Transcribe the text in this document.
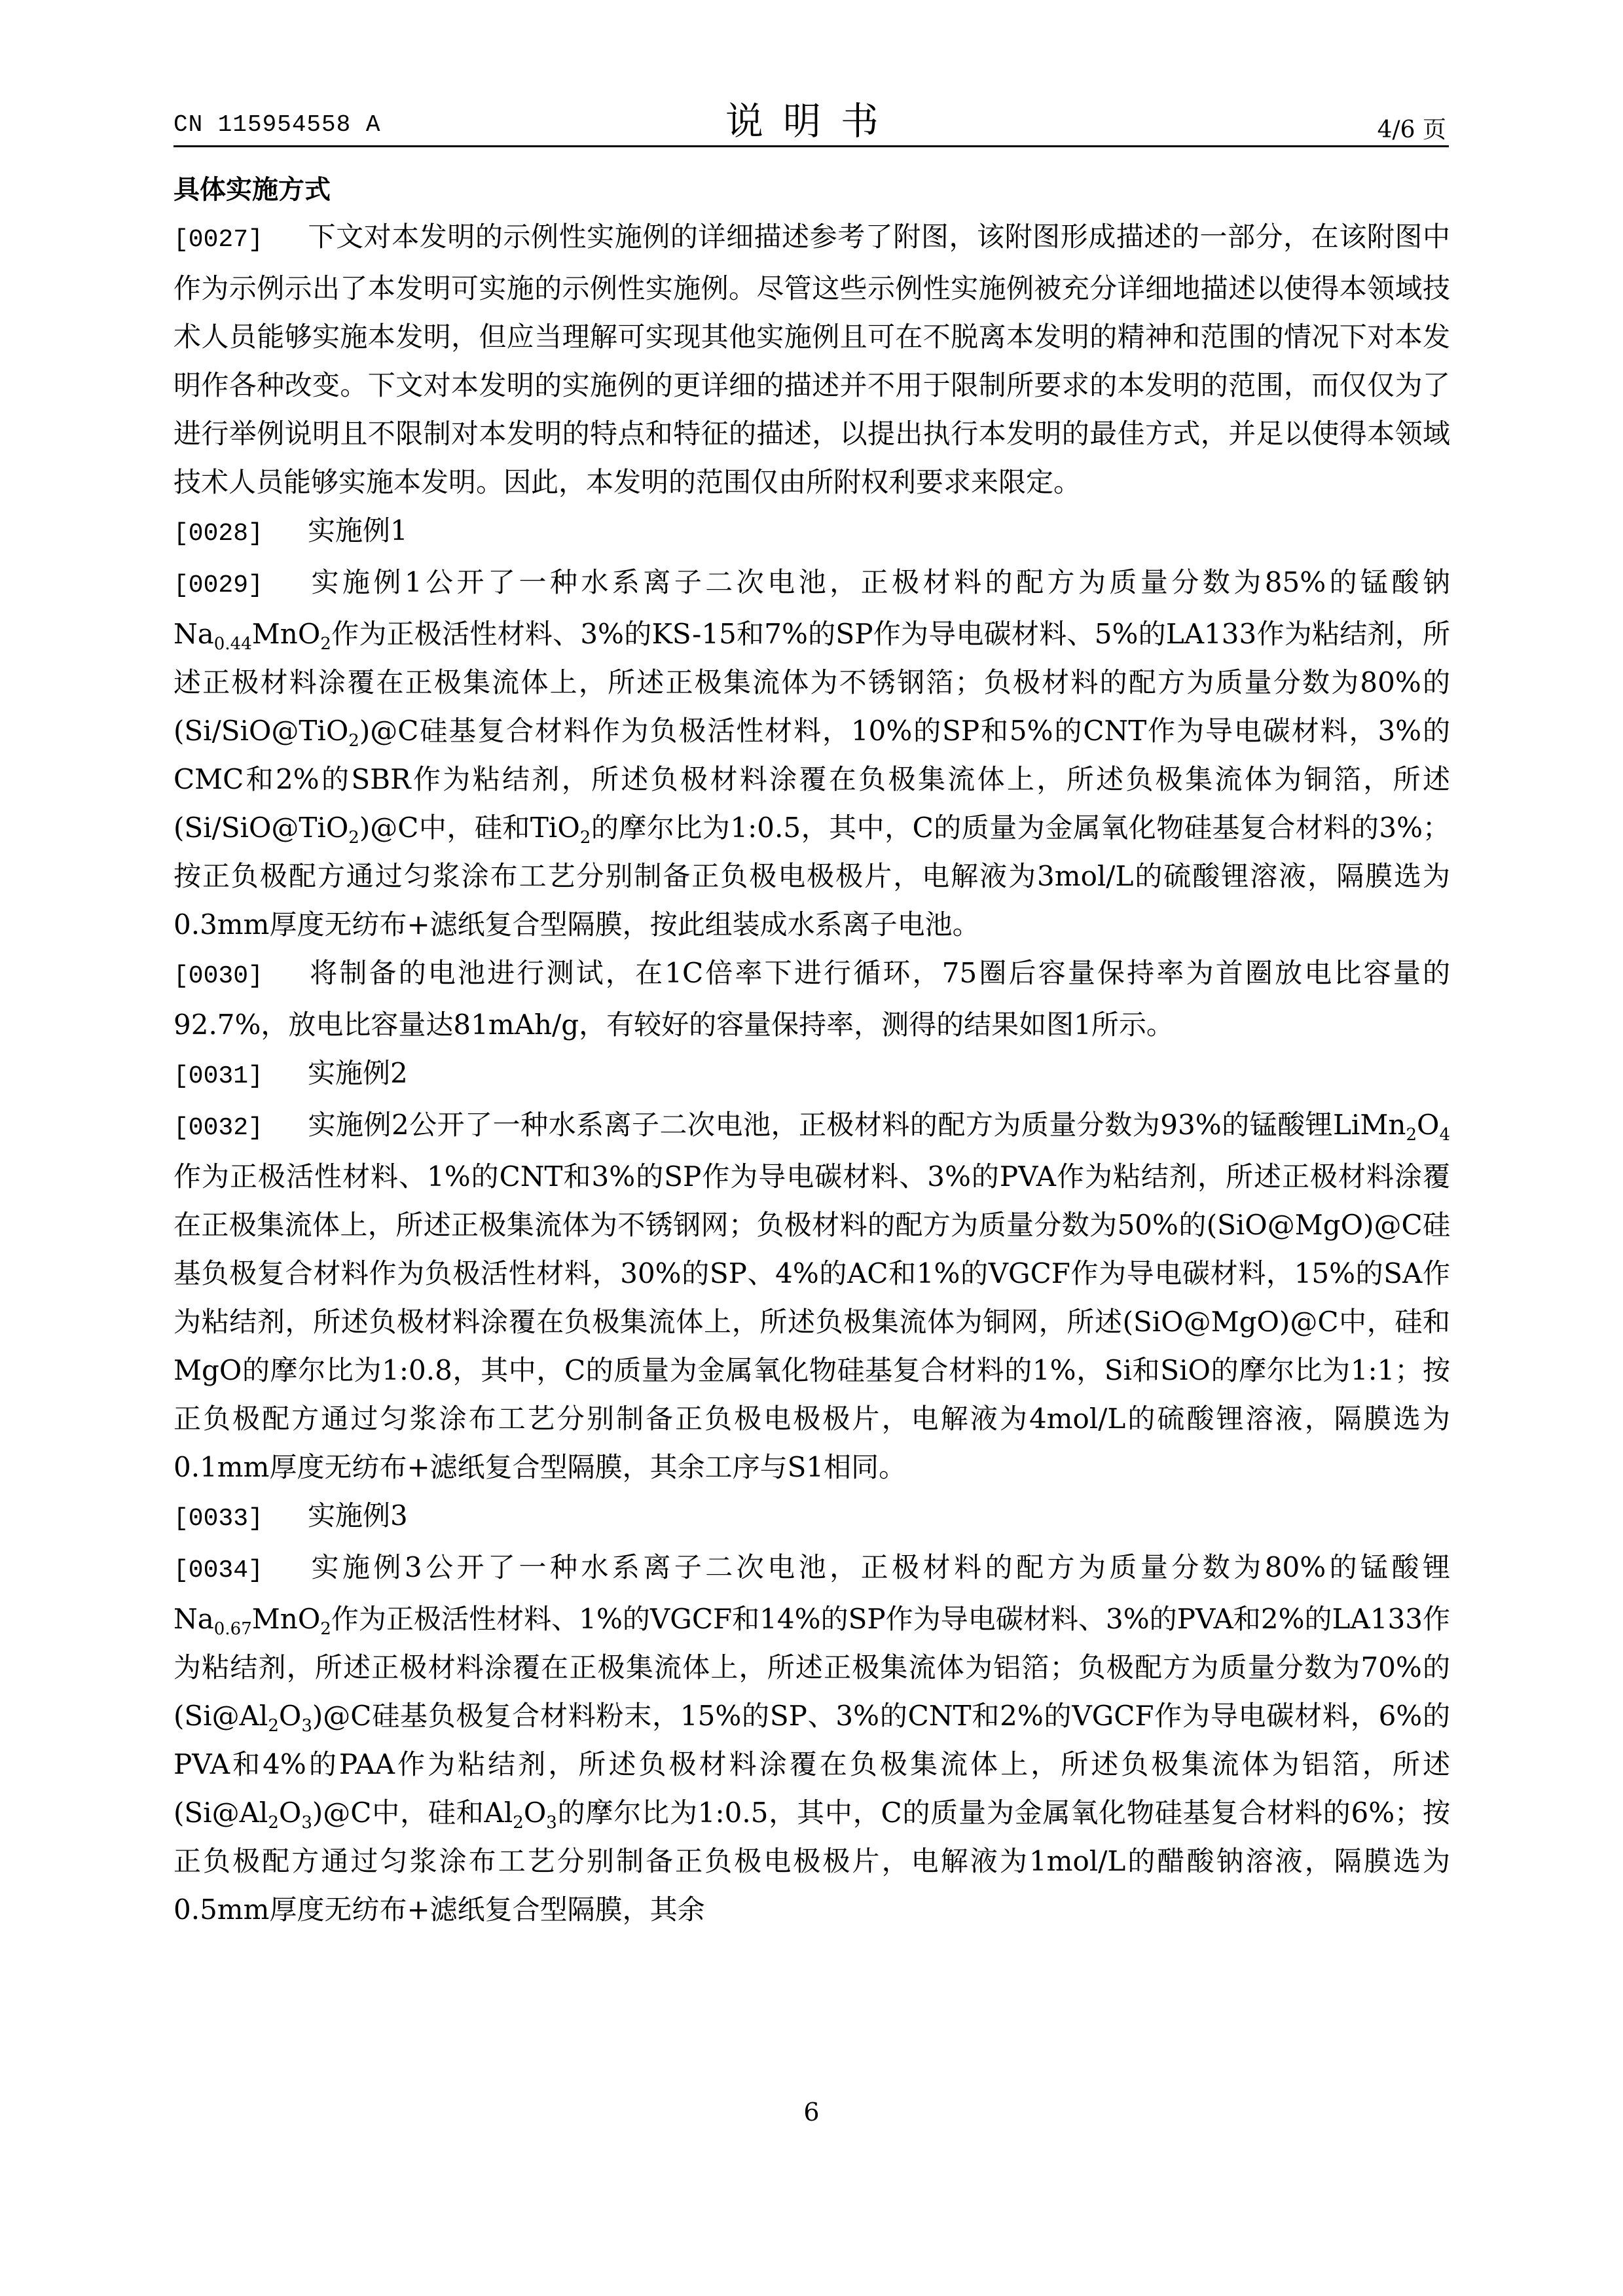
CN 115954558 A	说明书	4/6 页

具体实施方式

[0027] 下文对本发明的示例性实施例的详细描述参考了附图，该附图形成描述的一部分，在该附图中作为示例示出了本发明可实施的示例性实施例。尽管这些示例性实施例被充分详细地描述以使得本领域技术人员能够实施本发明，但应当理解可实现其他实施例且可在不脱离本发明的精神和范围的情况下对本发明作各种改变。下文对本发明的实施例的更详细的描述并不用于限制所要求的本发明的范围，而仅仅为了进行举例说明且不限制对本发明的特点和特征的描述，以提出执行本发明的最佳方式，并足以使得本领域技术人员能够实施本发明。因此，本发明的范围仅由所附权利要求来限定。

[0028] 实施例1

[0029] 实施例1公开了一种水系离子二次电池，正极材料的配方为质量分数为85%的锰酸钠$Na_{0.44}MnO_2$作为正极活性材料、3%的KS-15和7%的SP作为导电碳材料、5%的LA133作为粘结剂，所述正极材料涂覆在正极集流体上，所述正极集流体为不锈钢箔；负极材料的配方为质量分数为80%的(Si/SiO@TiO$_2$)@C硅基复合材料作为负极活性材料，10%的SP和5%的CNT作为导电碳材料，3%的CMC和2%的SBR作为粘结剂，所述负极材料涂覆在负极集流体上，所述负极集流体为铜箔，所述(Si/SiO@TiO$_2$)@C中，硅和TiO$_2$的摩尔比为1:0.5，其中，C的质量为金属氧化物硅基复合材料的3%；按正负极配方通过匀浆涂布工艺分别制备正负极电极极片，电解液为3mol/L的硫酸锂溶液，隔膜选为0.3mm厚度无纺布+滤纸复合型隔膜，按此组装成水系离子电池。

[0030] 将制备的电池进行测试，在1C倍率下进行循环，75圈后容量保持率为首圈放电比容量的92.7%，放电比容量达81mAh/g，有较好的容量保持率，测得的结果如图1所示。

[0031] 实施例2

[0032] 实施例2公开了一种水系离子二次电池，正极材料的配方为质量分数为93%的锰酸锂$LiMn_2O_4$作为正极活性材料、1%的CNT和3%的SP作为导电碳材料、3%的PVA作为粘结剂，所述正极材料涂覆在正极集流体上，所述正极集流体为不锈钢网；负极材料的配方为质量分数为50%的(SiO@MgO)@C硅基负极复合材料作为负极活性材料，30%的SP、4%的AC和1%的VGCF作为导电碳材料，15%的SA作为粘结剂，所述负极材料涂覆在负极集流体上，所述负极集流体为铜网，所述(SiO@MgO)@C中，硅和MgO的摩尔比为1:0.8，其中，C的质量为金属氧化物硅基复合材料的1%，Si和SiO的摩尔比为1:1；按正负极配方通过匀浆涂布工艺分别制备正负极电极极片，电解液为4mol/L的硫酸锂溶液，隔膜选为0.1mm厚度无纺布+滤纸复合型隔膜，其余工序与S1相同。

[0033] 实施例3

[0034] 实施例3公开了一种水系离子二次电池，正极材料的配方为质量分数为80%的锰酸锂$Na_{0.67}MnO_2$作为正极活性材料、1%的VGCF和14%的SP作为导电碳材料、3%的PVA和2%的LA133作为粘结剂，所述正极材料涂覆在正极集流体上，所述正极集流体为铝箔；负极配方为质量分数为70%的$(Si@Al_2O_3)@C$硅基负极复合材料粉末，15%的SP、3%的CNT和2%的VGCF作为导电碳材料，6%的PVA和4%的PAA作为粘结剂，所述负极材料涂覆在负极集流体上，所述负极集流体为铝箔，所述$(Si@Al_2O_3)@C$中，硅和$Al_2O_3$的摩尔比为1:0.5，其中，C的质量为金属氧化物硅基复合材料的6%；按正负极配方通过匀浆涂布工艺分别制备正负极电极极片，电解液为1mol/L的醋酸钠溶液，隔膜选为0.5mm厚度无纺布+滤纸复合型隔膜，其余

6
